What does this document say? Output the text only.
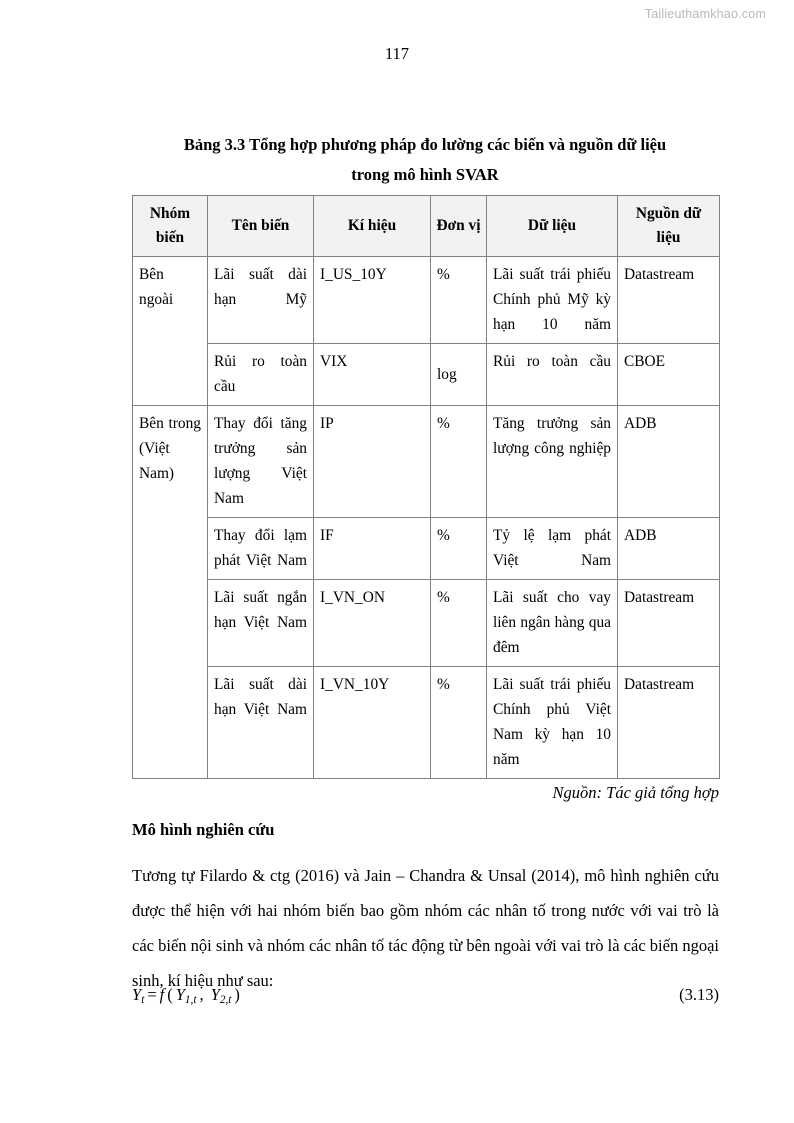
Tailieuthamkhao.com
117
Bảng 3.3 Tổng hợp phương pháp đo lường các biến và nguồn dữ liệu
trong mô hình SVAR
Nhóm biến	Tên biến	Kí hiệu	Đơn vị	Dữ liệu	Nguồn dữ liệu
Bên ngoài	Lãi suất dài hạn Mỹ	I_US_10Y	%	Lãi suất trái phiếu Chính phủ Mỹ kỳ hạn 10 năm	Datastream
	Rủi ro toàn cầu	VIX	log	Rủi ro toàn cầu	CBOE
Bên trong (Việt Nam)	Thay đổi tăng trưởng sản lượng Việt Nam	IP	%	Tăng trưởng sản lượng công nghiệp	ADB
	Thay đổi lạm phát Việt Nam	IF	%	Tỷ lệ lạm phát Việt Nam	ADB
	Lãi suất ngắn hạn Việt Nam	I_VN_ON	%	Lãi suất cho vay liên ngân hàng qua đêm	Datastream
	Lãi suất dài hạn Việt Nam	I_VN_10Y	%	Lãi suất trái phiếu Chính phủ Việt Nam kỳ hạn 10 năm	Datastream
Nguồn: Tác giả tổng hợp
Mô hình nghiên cứu
Tương tự Filardo & ctg (2016) và Jain – Chandra & Unsal (2014), mô hình nghiên cứu được thể hiện với hai nhóm biến bao gồm nhóm các nhân tố trong nước với vai trò là các biến nội sinh và nhóm các nhân tố tác động từ bên ngoài với vai trò là các biến ngoại sinh, kí hiệu như sau:
$Y_t = f$ ( $Y_{1,t}$ , $Y_{2,t}$ )	(3.13)
